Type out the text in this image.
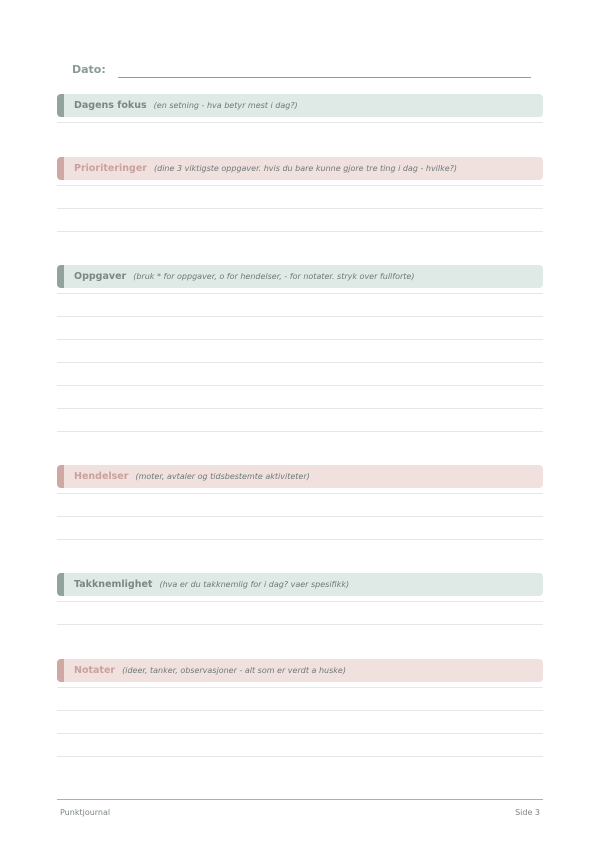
Dato:
Dagens fokus (en setning - hva betyr mest i dag?)
Prioriteringer (dine 3 viktigste oppgaver. hvis du bare kunne gjore tre ting i dag - hvilke?)
Oppgaver (bruk * for oppgaver, o for hendelser, - for notater. stryk over fullforte)
Hendelser (moter, avtaler og tidsbestemte aktiviteter)
Takknemlighet (hva er du takknemlig for i dag? vaer spesifikk)
Notater (ideer, tanker, observasjoner - alt som er verdt a huske)
Punktjournal	Side 3
